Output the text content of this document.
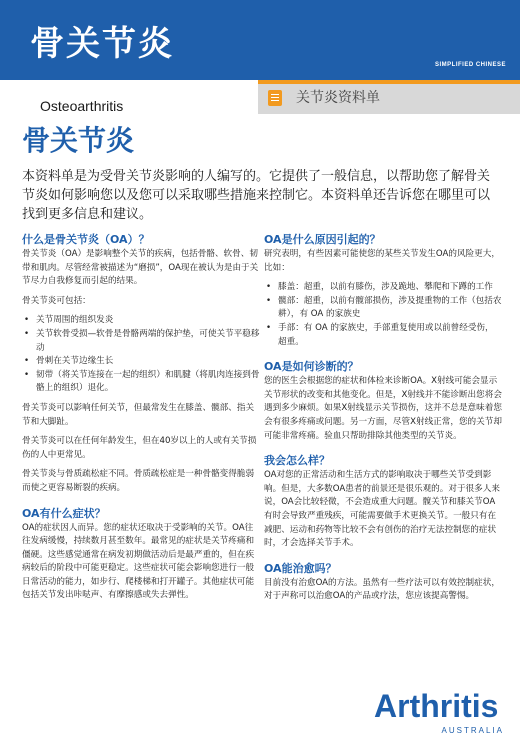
骨关节炎
SIMPLIFIED CHINESE
Osteoarthritis	关节炎资料单
骨关节炎
本资料单是为受骨关节炎影响的人编写的。它提供了一般信息，以帮助您了解骨关节炎如何影响您以及您可以采取哪些措施来控制它。本资料单还告诉您在哪里可以找到更多信息和建议。
什么是骨关节炎（OA）？

骨关节炎（OA）是影响整个关节的疾病，包括骨骼、软骨、韧带和肌肉。尽管经常被描述为“磨损”，OA现在被认为是由于关节尽力自我修复而引起的结果。

骨关节炎可包括：

• 关节周围的组织发炎
• 关节软骨受损—软骨是骨骼两端的保护垫，可使关节平稳移动
• 骨刺在关节边缘生长
• 韧带（将关节连接在一起的组织）和肌腱（将肌肉连接到骨骼上的组织）退化。

骨关节炎可以影响任何关节，但最常发生在膝盖、髋部、指关节和大脚趾。

骨关节炎可以在任何年龄发生，但在40岁以上的人或有关节损伤的人中更常见。

骨关节炎与骨质疏松症不同。骨质疏松症是一种骨骼变得脆弱而使之更容易断裂的疾病。

OA有什么症状？

OA的症状因人而异。您的症状还取决于受影响的关节。OA往往发病缓慢，持续数月甚至数年。最常见的症状是关节疼痛和僵硬。这些感觉通常在病发初期做活动后是最严重的，但在疾病较后的阶段中可能更稳定。这些症状可能会影响您进行一般日常活动的能力，如步行、爬楼梯和打开罐子。其他症状可能包括关节发出咔哒声、有摩擦感或失去弹性。

OA是什么原因引起的？

研究表明，有些因素可能使您的某些关节发生OA的风险更大，比如：

• 膝盖：超重，以前有膝伤，涉及跪地、攀爬和下蹲的工作
• 髋部：超重，以前有髋部损伤，涉及提重物的工作（包括农耕），有 OA 的家族史
• 手部：有 OA 的家族史，手部重复使用或以前曾经受伤，超重。
OA是如何诊断的？

您的医生会根据您的症状和体检来诊断OA。X射线可能会显示关节形状的改变和其他变化。但是，X射线并不能诊断出您将会遇到多少麻烦。如果X射线显示关节损伤，这并不总是意味着您会有很多疼痛或问题。另一方面，尽管X射线正常，您的关节却可能非常疼痛。验血只帮助排除其他类型的关节炎。

我会怎么样？

OA对您的正常活动和生活方式的影响取决于哪些关节受到影响。但是，大多数OA患者的前景还是很乐观的。对于很多人来说，OA会比较轻微，不会造成重大问题。髋关节和膝关节OA有时会导致严重残疾，可能需要做手术更换关节。一般只有在减肥、运动和药物等比较不会有创伤的治疗无法控制您的症状时，才会选择关节手术。

OA能治愈吗？

目前没有治愈OA的方法。虽然有一些疗法可以有效控制症状，对于声称可以治愈OA的产品或疗法，您应该提高警惕。

Arthritis
AUSTRALIA
